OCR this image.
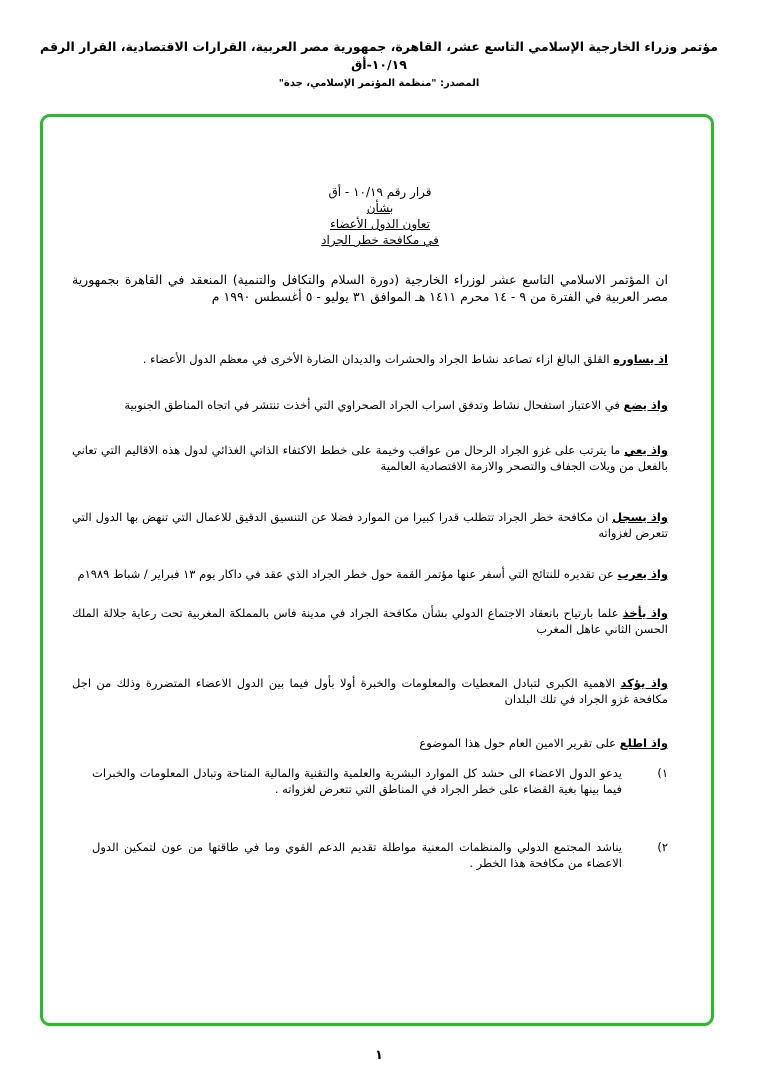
مؤتمر وزراء الخارجية الإسلامي التاسع عشر، القاهرة، جمهورية مصر العربية، القرارات الاقتصادية، القرار الرقم ١٠/١٩-أق
المصدر: "منظمة المؤتمر الإسلامي، جدة"
قرار رقم ١٠/١٩ - أق
بشأن
تعاون الدول الأعضاء
في مكافحة خطر الجراد
ان المؤتمر الاسلامي التاسع عشر لوزراء الخارجية (دورة السلام والتكافل والتنمية) المنعقد في القاهرة بجمهورية مصر العربية في الفترة من ٩ - ١٤ محرم ١٤١١ هـ الموافق ٣١ يوليو - ٥ أغسطس ١٩٩٠ م
اذ يساوره القلق البالغ ازاء تصاعد نشاط الجراد والحشرات والديدان الضارة الأخرى في معظم الدول الأعضاء .
واذ يضع في الاعتبار استفحال نشاط وتدفق اسراب الجراد الصحراوي التي أخذت تنتشر في اتجاه المناطق الجنوبية
واذ يعي ما يترتب على غزو الجراد الرحال من عواقب وخيمة على خطط الاكتفاء الذاتي الغذائي لدول هذه الاقاليم التي تعاني بالفعل من ويلات الجفاف والتصحر والازمة الاقتصادية العالمية
واذ يسجل ان مكافحة خطر الجراد تتطلب قدرا كبيرا من الموارد فضلا عن التنسيق الدقيق للاعمال التي تنهض بها الدول التي تتعرض لغزواته
واذ يعرب عن تقديره للنتائج التي أسفر عنها مؤتمر القمة حول خطر الجراد الذي عقد في داكار يوم ١٣ فبراير / شباط ١٩٨٩م
واذ يأخذ علما بارتياح بانعقاد الاجتماع الدولي بشأن مكافحة الجراد في مدينة فاس بالمملكة المغربية تحت رعاية جلالة الملك الحسن الثاني عاهل المغرب
واذ يؤكد الاهمية الكبرى لتبادل المعطيات والمعلومات والخبرة أولا بأول فيما بين الدول الاعضاء المتضررة وذلك من اجل مكافحة غزو الجراد في تلك البلدان
واذ اطلع على تقرير الامين العام حول هذا الموضوع
١)
يدعو الدول الاعضاء الى حشد كل الموارد البشرية والعلمية والتقنية والمالية المتاحة وتبادل المعلومات والخبرات فيما بينها بغية القضاء على خطر الجراد في المناطق التي تتعرض لغزواته .
٢)
يناشد المجتمع الدولي والمنظمات المعنية مواطلة تقديم الدعم القوي وما في طاقتها من عون لتمكين الدول الاعضاء من مكافحة هذا الخطر .
١
